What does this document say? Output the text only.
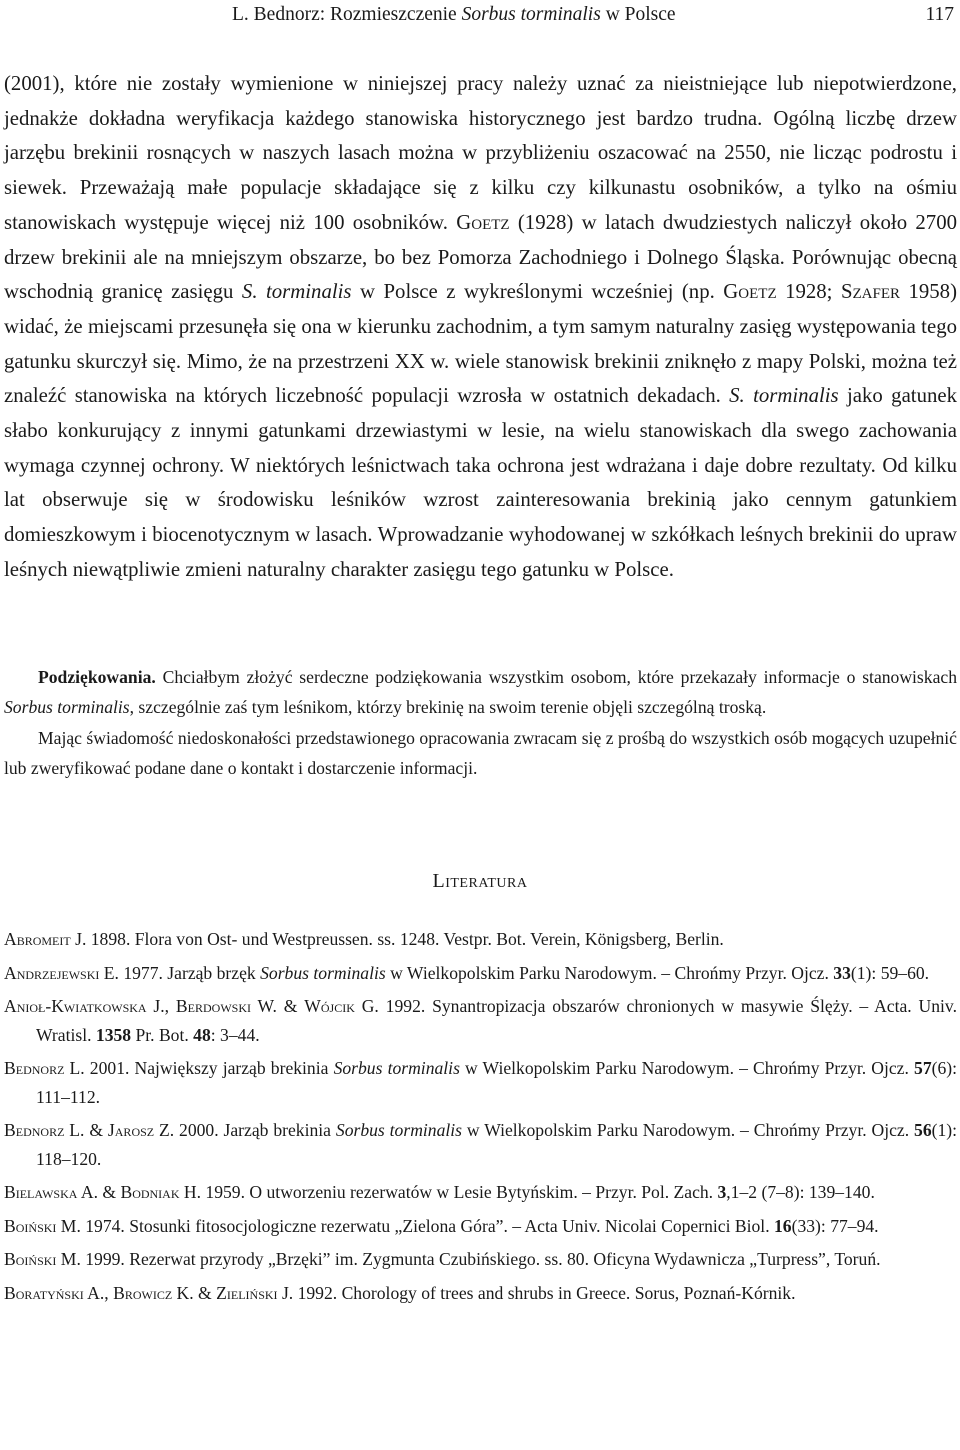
L. Bednorz: Rozmieszczenie Sorbus torminalis w Polsce	117

(2001), które nie zostały wymienione w niniejszej pracy należy uznać za nieistniejące lub niepotwierdzone, jednakże dokładna weryfikacja każdego stanowiska historycznego jest bardzo trudna. Ogólną liczbę drzew jarzębu brekinii rosnących w naszych lasach można w przybliżeniu oszacować na 2550, nie licząc podrostu i siewek. Przeważają małe populacje składające się z kilku czy kilkunastu osobników, a tylko na ośmiu stanowiskach występuje więcej niż 100 osobników. Goetz (1928) w latach dwudziestych naliczył około 2700 drzew brekinii ale na mniejszym obszarze, bo bez Pomorza Zachodniego i Dolnego Śląska. Porównując obecną wschodnią granicę zasięgu S. torminalis w Polsce z wykreślonymi wcześniej (np. Goetz 1928; Szafer 1958) widać, że miejscami przesunęła się ona w kierunku zachodnim, a tym samym naturalny zasięg występowania tego gatunku skurczył się. Mimo, że na przestrzeni XX w. wiele stanowisk brekinii zniknęło z mapy Polski, można też znaleźć stanowiska na których liczebność populacji wzrosła w ostatnich dekadach. S. torminalis jako gatunek słabo konkurujący z innymi gatunkami drzewiastymi w lesie, na wielu stanowiskach dla swego zachowania wymaga czynnej ochrony. W niektórych leśnictwach taka ochrona jest wdrażana i daje dobre rezultaty. Od kilku lat obserwuje się w środowisku leśników wzrost zainteresowania brekinią jako cennym gatunkiem domieszkowym i biocenotycznym w lasach. Wprowadzanie wyhodowanej w szkółkach leśnych brekinii do upraw leśnych niewątpliwie zmieni naturalny charakter zasięgu tego gatunku w Polsce.

Podziękowania. Chciałbym złożyć serdeczne podziękowania wszystkim osobom, które przekazały informacje o stanowiskach Sorbus torminalis, szczególnie zaś tym leśnikom, którzy brekinię na swoim terenie objęli szczególną troską.

Mając świadomość niedoskonałości przedstawionego opracowania zwracam się z prośbą do wszystkich osób mogących uzupełnić lub zweryfikować podane dane o kontakt i dostarczenie informacji.

Literatura

Abromeit J. 1898. Flora von Ost- und Westpreussen. ss. 1248. Vestpr. Bot. Verein, Königsberg, Berlin.

Andrzejewski E. 1977. Jarząb brzęk Sorbus torminalis w Wielkopolskim Parku Narodowym. – Chrońmy Przyr. Ojcz. 33(1): 59–60.

Anioł-Kwiatkowska J., Berdowski W. & Wójcik G. 1992. Synantropizacja obszarów chronionych w masywie Ślęży. – Acta. Univ. Wratisl. 1358 Pr. Bot. 48: 3–44.

Bednorz L. 2001. Największy jarząb brekinia Sorbus torminalis w Wielkopolskim Parku Narodowym. – Chrońmy Przyr. Ojcz. 57(6): 111–112.

Bednorz L. & Jarosz Z. 2000. Jarząb brekinia Sorbus torminalis w Wielkopolskim Parku Narodowym. – Chrońmy Przyr. Ojcz. 56(1): 118–120.

Bielawska A. & Bodniak H. 1959. O utworzeniu rezerwatów w Lesie Bytyńskim. – Przyr. Pol. Zach. 3,1–2 (7–8): 139–140.

Boiński M. 1974. Stosunki fitosocjologiczne rezerwatu „Zielona Góra”. – Acta Univ. Nicolai Copernici Biol. 16(33): 77–94.

Boiński M. 1999. Rezerwat przyrody „Brzęki” im. Zygmunta Czubińskiego. ss. 80. Oficyna Wydawnicza „Turpress”, Toruń.

Boratyński A., Browicz K. & Zieliński J. 1992. Chorology of trees and shrubs in Greece. Sorus, Poznań-Kórnik.
